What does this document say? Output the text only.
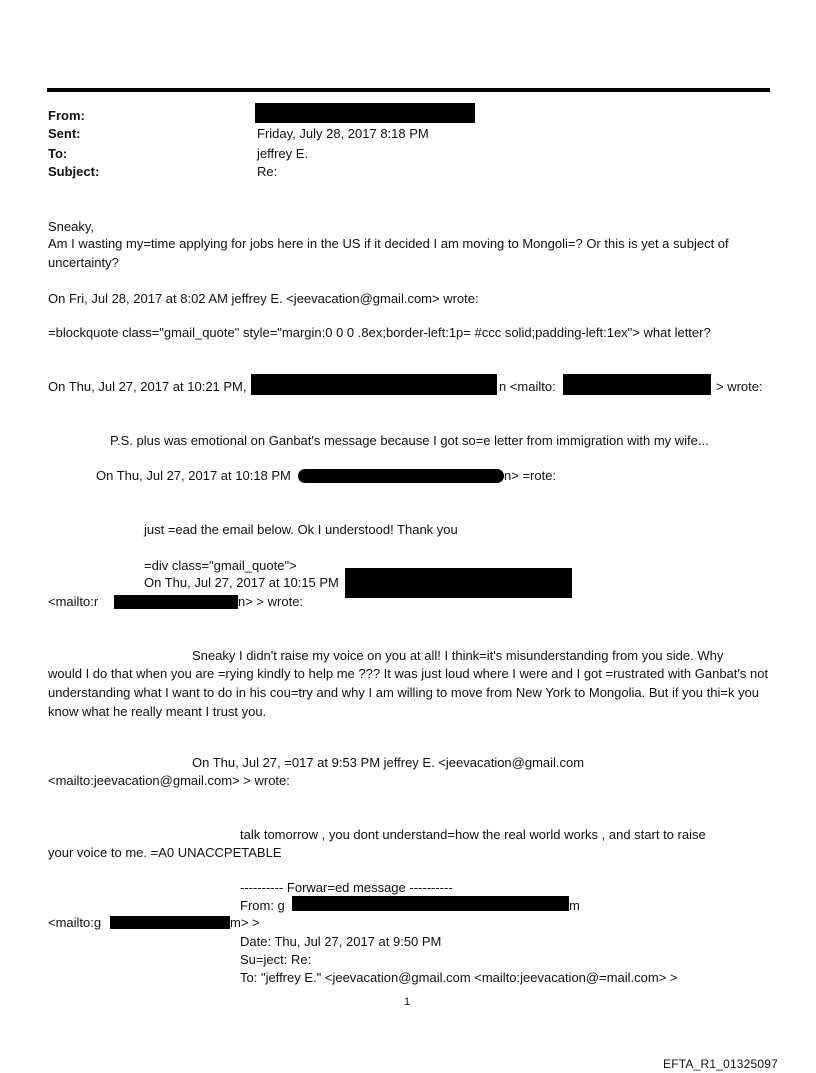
From:
Sent:	Friday, July 28, 2017 8:18 PM
To:	jeffrey E.
Subject:	Re:
Sneaky,
Am I wasting my=time applying for jobs here in the US if it decided I am moving to Mongoli=? Or this is yet a subject of uncertainty?
On Fri, Jul 28, 2017 at 8:02 AM jeffrey E. <jeevacation@gmail.com> wrote:
=blockquote class="gmail_quote" style="margin:0 0 0 .8ex;border-left:1p= #ccc solid;padding-left:1ex"> what letter?
On Thu, Jul 27, 2017 at 10:21 PM,	n <mailto:	> wrote:
P.S. plus was emotional on Ganbat's message because I got so=e letter from immigration with my wife...
On Thu, Jul 27, 2017 at 10:18 PM	n> =rote:
just =ead the email below. Ok I understood! Thank you
=div class="gmail_quote">
On Thu, Jul 27, 2017 at 10:15 PM
<mailto:r	n> > wrote:
Sneaky I didn't raise my voice on you at all! I think=it's misunderstanding from you side. Why
would I do that when you are =rying kindly to help me ??? It was just loud where I were and I got =rustrated with Ganbat's not understanding what I want to do in his cou=try and why I am willing to move from New York to Mongolia. But if you thi=k you know what he really meant I trust you.
On Thu, Jul 27, =017 at 9:53 PM jeffrey E. <jeevacation@gmail.com
<mailto:jeevacation@gmail.com> > wrote:
talk tomorrow , you dont understand=how the real world works , and start to raise
your voice to me. =A0 UNACCPETABLE
---------- Forwar=ed message ----------
From: g	m
<mailto:g	m> >
Date: Thu, Jul 27, 2017 at 9:50 PM
Su=ject: Re:
To: "jeffrey E." <jeevacation@gmail.com <mailto:jeevacation@=mail.com> >
1
EFTA_R1_01325097
